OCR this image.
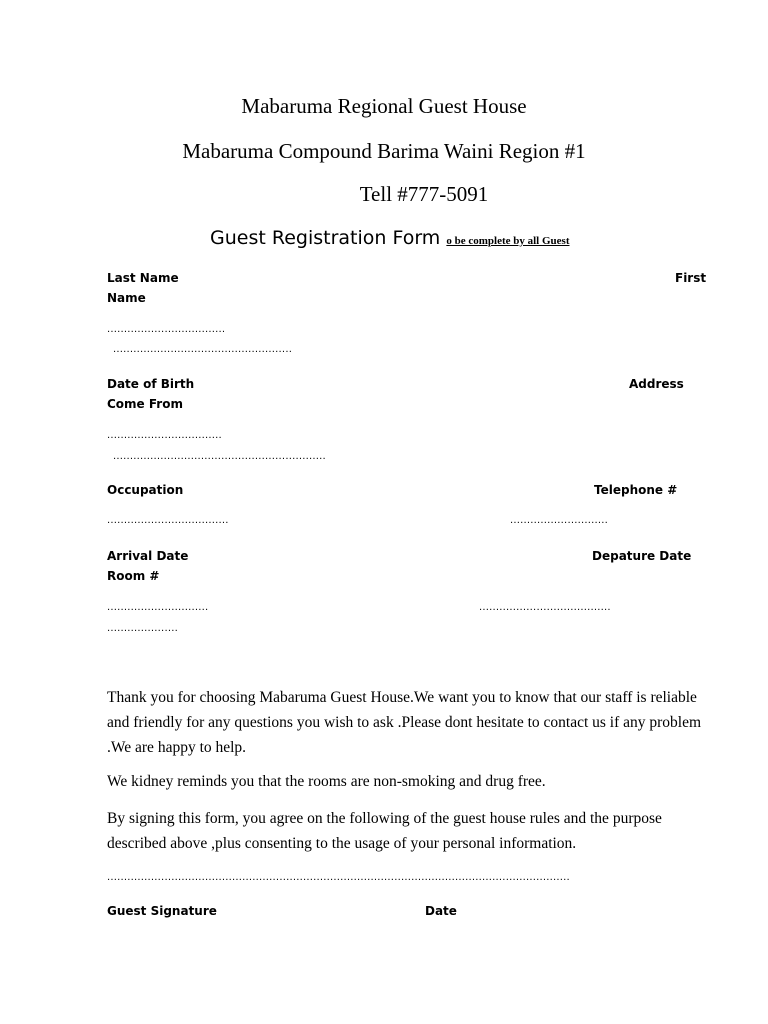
Mabaruma Regional Guest House
Mabaruma Compound Barima Waini Region #1
Tell #777-5091
Guest Registration Form o be complete by all Guest
Last Name	First
Name
...................................
.....................................................
Date of Birth	Address
Come From
..................................
...............................................................
Occupation	Telephone #
....................................	.............................
Arrival Date	Depature Date
Room #
..............................	.......................................
.....................
Thank you for choosing Mabaruma Guest House.We want you to know that our staff is reliable and friendly for any questions you wish to ask .Please dont hesitate to contact us if any problem .We are happy to help.
We kidney reminds you that the rooms are non-smoking and drug free.
By signing this form, you agree on the following of the guest house rules and the purpose described above ,plus consenting to the usage of your personal information.
.........................................................................................................................................
Guest Signature	Date
